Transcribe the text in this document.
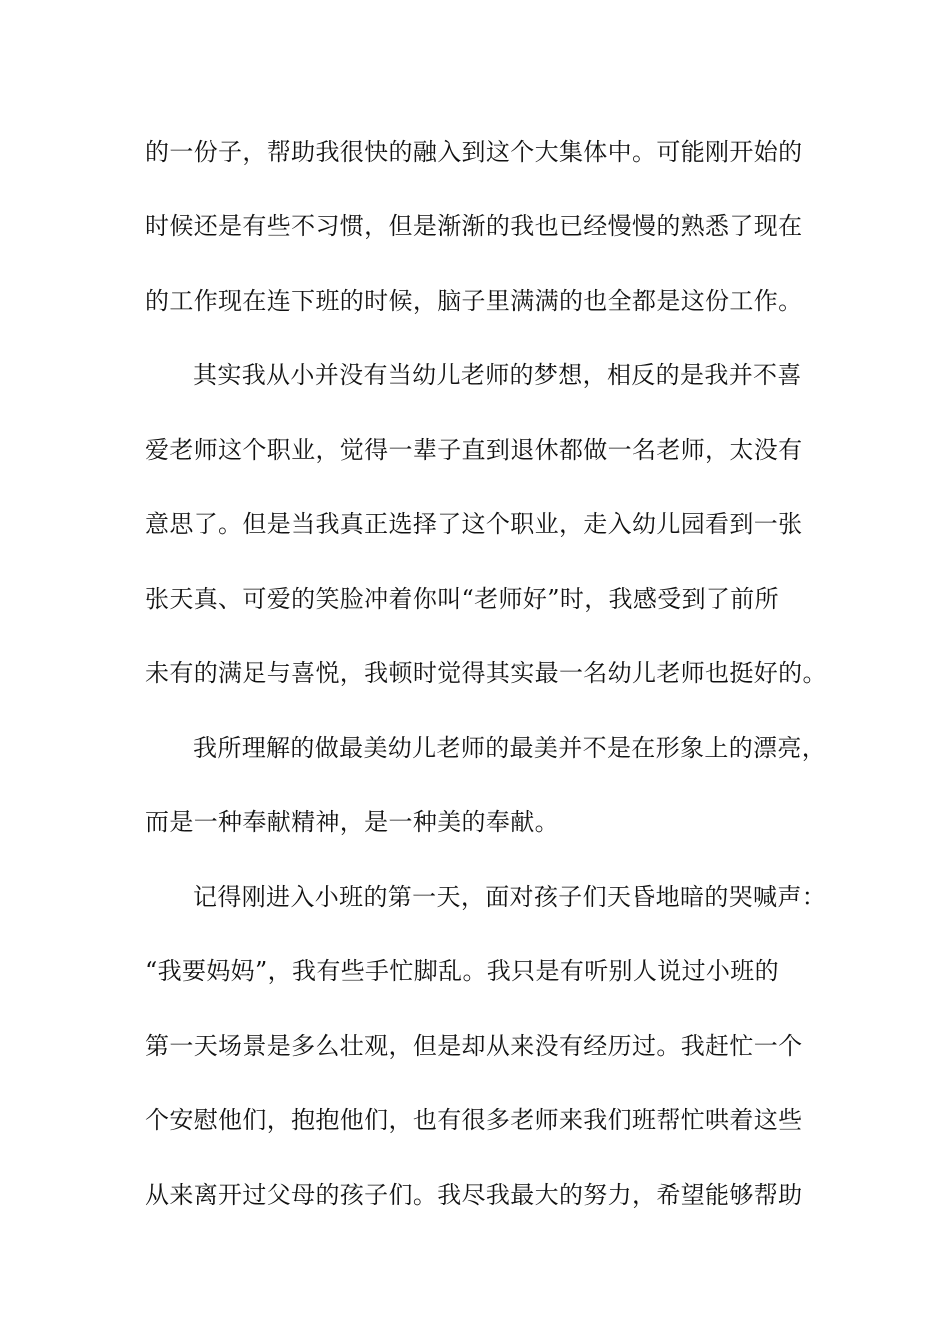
的一份子，帮助我很快的融入到这个大集体中。可能刚开始的
时候还是有些不习惯，但是渐渐的我也已经慢慢的熟悉了现在
的工作现在连下班的时候，脑子里满满的也全都是这份工作。
其实我从小并没有当幼儿老师的梦想，相反的是我并不喜
爱老师这个职业，觉得一辈子直到退休都做一名老师，太没有
意思了。但是当我真正选择了这个职业，走入幼儿园看到一张
张天真、可爱的笑脸冲着你叫“老师好”时，我感受到了前所
未有的满足与喜悦，我顿时觉得其实最一名幼儿老师也挺好的。
我所理解的做最美幼儿老师的最美并不是在形象上的漂亮，
而是一种奉献精神，是一种美的奉献。
记得刚进入小班的第一天，面对孩子们天昏地暗的哭喊声：
“我要妈妈”，我有些手忙脚乱。我只是有听别人说过小班的
第一天场景是多么壮观，但是却从来没有经历过。我赶忙一个
个安慰他们，抱抱他们，也有很多老师来我们班帮忙哄着这些
从来离开过父母的孩子们。我尽我最大的努力，希望能够帮助
